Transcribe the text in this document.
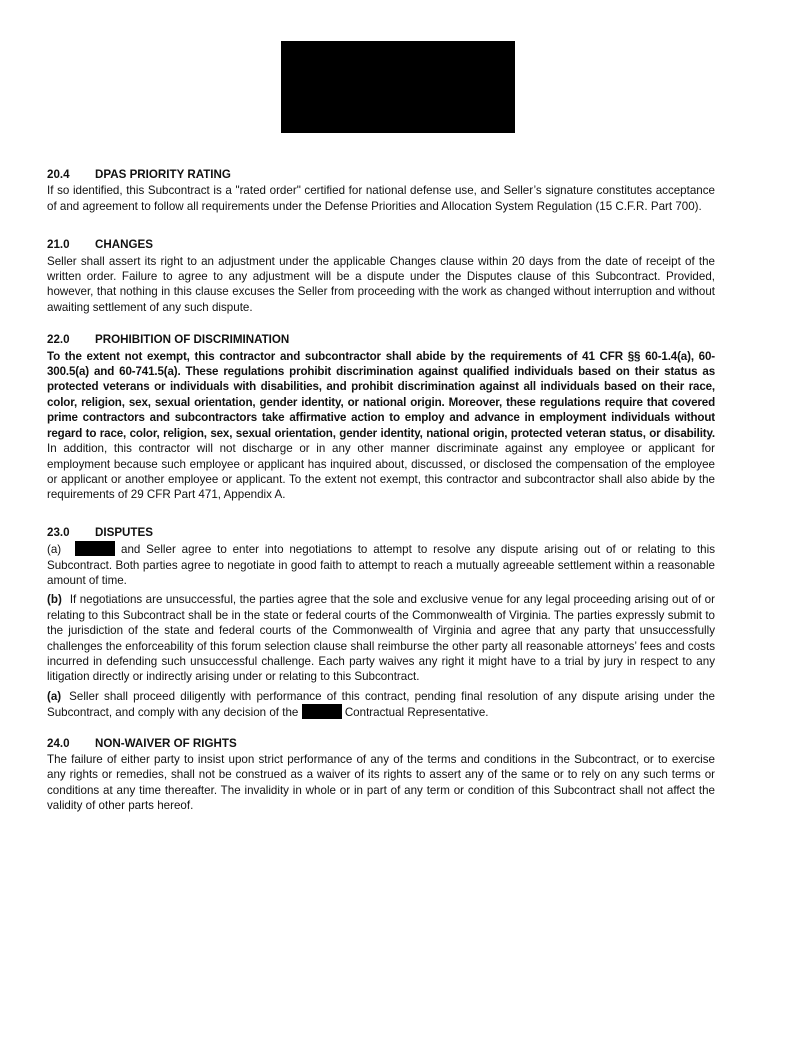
20.4	DPAS PRIORITY RATING

If so identified, this Subcontract is a "rated order" certified for national defense use, and Seller’s signature constitutes acceptance of and agreement to follow all requirements under the Defense Priorities and Allocation System Regulation (15 C.F.R. Part 700).

21.0	CHANGES

Seller shall assert its right to an adjustment under the applicable Changes clause within 20 days from the date of receipt of the written order. Failure to agree to any adjustment will be a dispute under the Disputes clause of this Subcontract. Provided, however, that nothing in this clause excuses the Seller from proceeding with the work as changed without interruption and without awaiting settlement of any such dispute.

22.0	PROHIBITION OF DISCRIMINATION

To the extent not exempt, this contractor and subcontractor shall abide by the requirements of 41 CFR §§ 60-1.4(a), 60-300.5(a) and 60-741.5(a). These regulations prohibit discrimination against qualified individuals based on their status as protected veterans or individuals with disabilities, and prohibit discrimination against all individuals based on their race, color, religion, sex, sexual orientation, gender identity, or national origin. Moreover, these regulations require that covered prime contractors and subcontractors take affirmative action to employ and advance in employment individuals without regard to race, color, religion, sex, sexual orientation, gender identity, national origin, protected veteran status, or disability. In addition, this contractor will not discharge or in any other manner discriminate against any employee or applicant for employment because such employee or applicant has inquired about, discussed, or disclosed the compensation of the employee or applicant or another employee or applicant. To the extent not exempt, this contractor and subcontractor shall also abide by the requirements of 29 CFR Part 471, Appendix A.

23.0	DISPUTES

(a)	and Seller agree to enter into negotiations to attempt to resolve any dispute arising out of or relating to this Subcontract. Both parties agree to negotiate in good faith to attempt to reach a mutually agreeable settlement within a reasonable amount of time.

(b) If negotiations are unsuccessful, the parties agree that the sole and exclusive venue for any legal proceeding arising out of or relating to this Subcontract shall be in the state or federal courts of the Commonwealth of Virginia. The parties expressly submit to the jurisdiction of the state and federal courts of the Commonwealth of Virginia and agree that any party that unsuccessfully challenges the enforceability of this forum selection clause shall reimburse the other party all reasonable attorneys’ fees and costs incurred in defending such unsuccessful challenge. Each party waives any right it might have to a trial by jury in respect to any litigation directly or indirectly arising under or relating to this Subcontract.

(a) Seller shall proceed diligently with performance of this contract, pending final resolution of any dispute arising under the Subcontract, and comply with any decision of the	Contractual Representative.

24.0	NON-WAIVER OF RIGHTS

The failure of either party to insist upon strict performance of any of the terms and conditions in the Subcontract, or to exercise any rights or remedies, shall not be construed as a waiver of its rights to assert any of the same or to rely on any such terms or conditions at any time thereafter. The invalidity in whole or in part of any term or condition of this Subcontract shall not affect the validity of other parts hereof.
